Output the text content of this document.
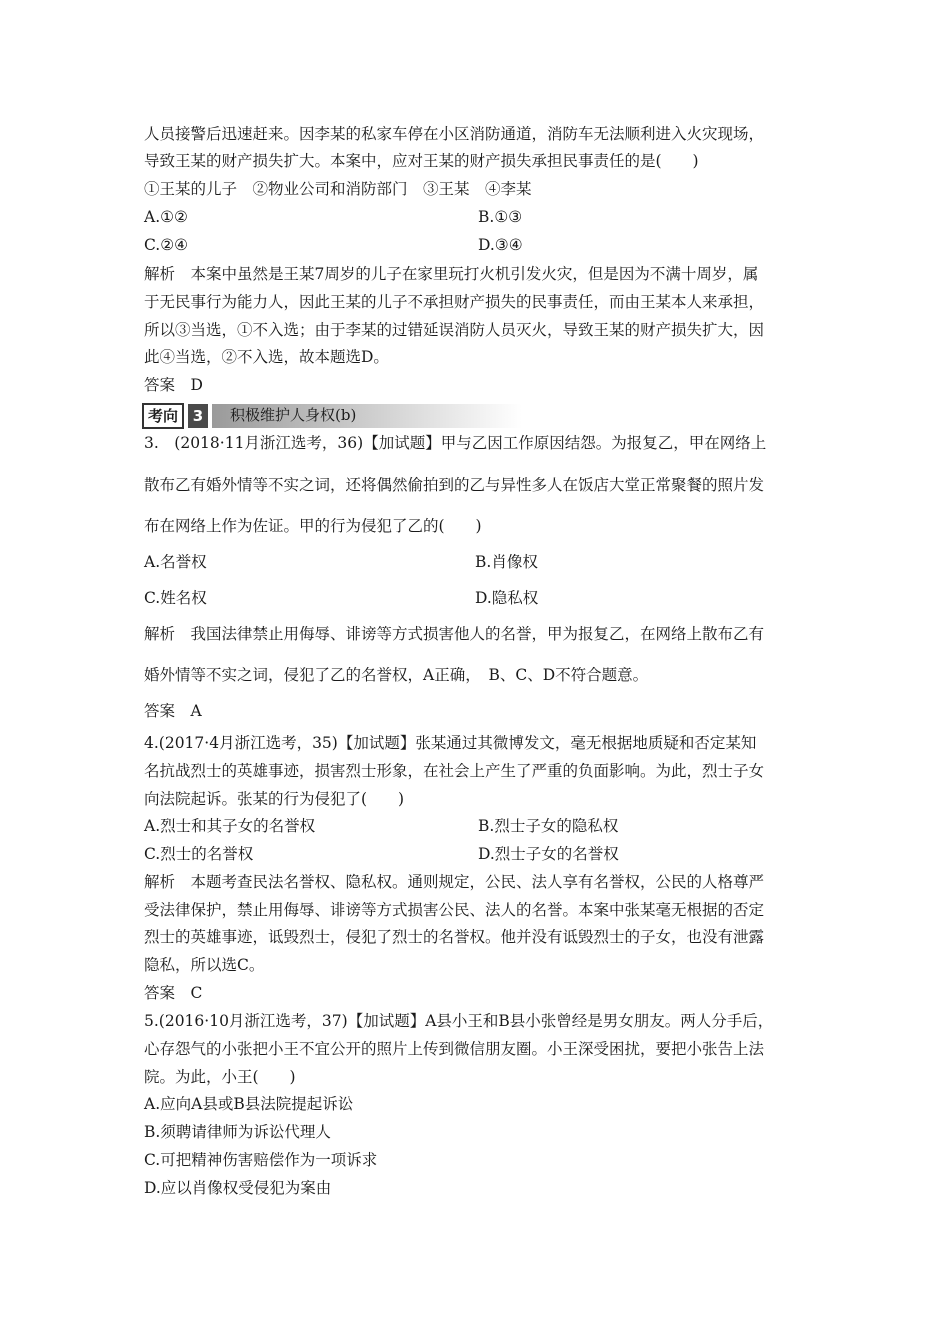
人员接警后迅速赶来。因李某的私家车停在小区消防通道，消防车无法顺利进入火灾现场，
导致王某的财产损失扩大。本案中，应对王某的财产损失承担民事责任的是(　　)
①王某的儿子　②物业公司和消防部门　③王某　④李某
A.①②	B.①③
C.②④	D.③④
解析　本案中虽然是王某7周岁的儿子在家里玩打火机引发火灾，但是因为不满十周岁，属
于无民事行为能力人，因此王某的儿子不承担财产损失的民事责任，而由王某本人来承担，
所以③当选，①不入选；由于李某的过错延误消防人员灭火，导致王某的财产损失扩大，因
此④当选，②不入选，故本题选D。
答案　D
考向 3	积极维护人身权(b)
3.　(2018·11月浙江选考，36)【加试题】甲与乙因工作原因结怨。为报复乙，甲在网络上
散布乙有婚外情等不实之词，还将偶然偷拍到的乙与异性多人在饭店大堂正常聚餐的照片发
布在网络上作为佐证。甲的行为侵犯了乙的(　　)
A.名誉权	B.肖像权
C.姓名权	D.隐私权
解析　我国法律禁止用侮辱、诽谤等方式损害他人的名誉，甲为报复乙，在网络上散布乙有
婚外情等不实之词，侵犯了乙的名誉权，A正确，　B、C、D不符合题意。
答案　A
4.(2017·4月浙江选考，35)【加试题】张某通过其微博发文，毫无根据地质疑和否定某知
名抗战烈士的英雄事迹，损害烈士形象，在社会上产生了严重的负面影响。为此，烈士子女
向法院起诉。张某的行为侵犯了(　　)
A.烈士和其子女的名誉权	B.烈士子女的隐私权
C.烈士的名誉权	D.烈士子女的名誉权
解析　本题考查民法名誉权、隐私权。通则规定，公民、法人享有名誉权，公民的人格尊严
受法律保护，禁止用侮辱、诽谤等方式损害公民、法人的名誉。本案中张某毫无根据的否定
烈士的英雄事迹，诋毁烈士，侵犯了烈士的名誉权。他并没有诋毁烈士的子女，也没有泄露
隐私，所以选C。
答案　C
5.(2016·10月浙江选考，37)【加试题】A县小王和B县小张曾经是男女朋友。两人分手后，
心存怨气的小张把小王不宜公开的照片上传到微信朋友圈。小王深受困扰，要把小张告上法
院。为此，小王(　　)
A.应向A县或B县法院提起诉讼
B.须聘请律师为诉讼代理人
C.可把精神伤害赔偿作为一项诉求
D.应以肖像权受侵犯为案由
